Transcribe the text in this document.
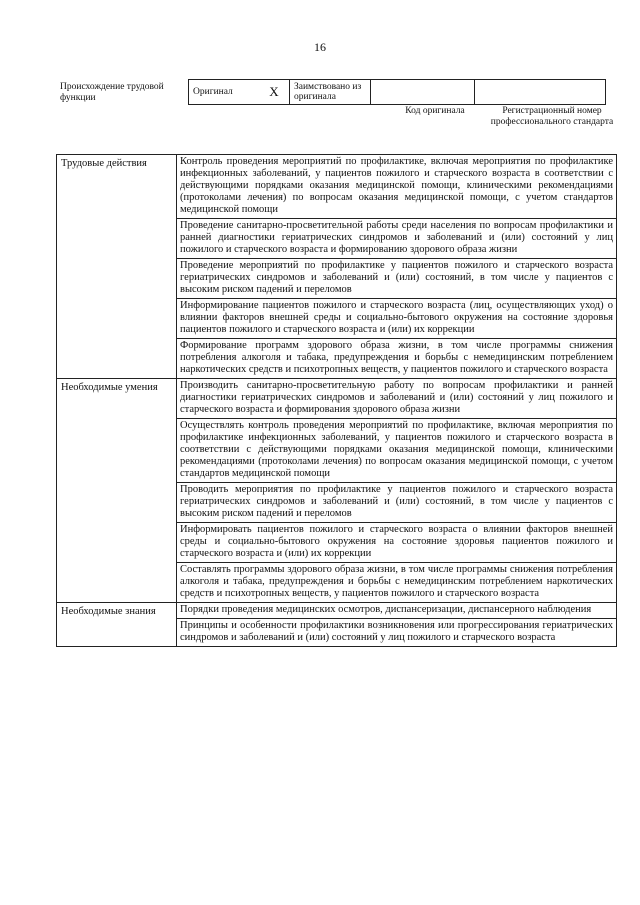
16
Происхождение трудовой функции
Оригинал	X	Заимствовано из оригинала		
Код оригинала	Регистрационный номер профессионального стандарта
Трудовые действия	Контроль проведения мероприятий по профилактике, включая мероприятия по профилактике инфекционных заболеваний, у пациентов пожилого и старческого возраста в соответствии с действующими порядками оказания медицинской помощи, клиническими рекомендациями (протоколами лечения) по вопросам оказания медицинской помощи, с учетом стандартов медицинской помощи
	Проведение санитарно-просветительной работы среди населения по вопросам профилактики и ранней диагностики гериатрических синдромов и заболеваний и (или) состояний у лиц пожилого и старческого возраста и формированию здорового образа жизни
	Проведение мероприятий по профилактике у пациентов пожилого и старческого возраста гериатрических синдромов и заболеваний и (или) состояний, в том числе у пациентов с высоким риском падений и переломов
	Информирование пациентов пожилого и старческого возраста (лиц, осуществляющих уход) о влиянии факторов внешней среды и социально-бытового окружения на состояние здоровья пациентов пожилого и старческого возраста и (или) их коррекции
	Формирование программ здорового образа жизни, в том числе программы снижения потребления алкоголя и табака, предупреждения и борьбы с немедицинским потреблением наркотических средств и психотропных веществ, у пациентов пожилого и старческого возраста
Необходимые умения	Производить санитарно-просветительную работу по вопросам профилактики и ранней диагностики гериатрических синдромов и заболеваний и (или) состояний у лиц пожилого и старческого возраста и формирования здорового образа жизни
	Осуществлять контроль проведения мероприятий по профилактике, включая мероприятия по профилактике инфекционных заболеваний, у пациентов пожилого и старческого возраста в соответствии с действующими порядками оказания медицинской помощи, клиническими рекомендациями (протоколами лечения) по вопросам оказания медицинской помощи, с учетом стандартов медицинской помощи
	Проводить мероприятия по профилактике у пациентов пожилого и старческого возраста гериатрических синдромов и заболеваний и (или) состояний, в том числе у пациентов с высоким риском падений и переломов
	Информировать пациентов пожилого и старческого возраста о влиянии факторов внешней среды и социально-бытового окружения на состояние здоровья пациентов пожилого и старческого возраста и (или) их коррекции
	Составлять программы здорового образа жизни, в том числе программы снижения потребления алкоголя и табака, предупреждения и борьбы с немедицинским потреблением наркотических средств и психотропных веществ, у пациентов пожилого и старческого возраста
Необходимые знания	Порядки проведения медицинских осмотров, диспансеризации, диспансерного наблюдения
	Принципы и особенности профилактики возникновения или прогрессирования гериатрических синдромов и заболеваний и (или) состояний у лиц пожилого и старческого возраста
